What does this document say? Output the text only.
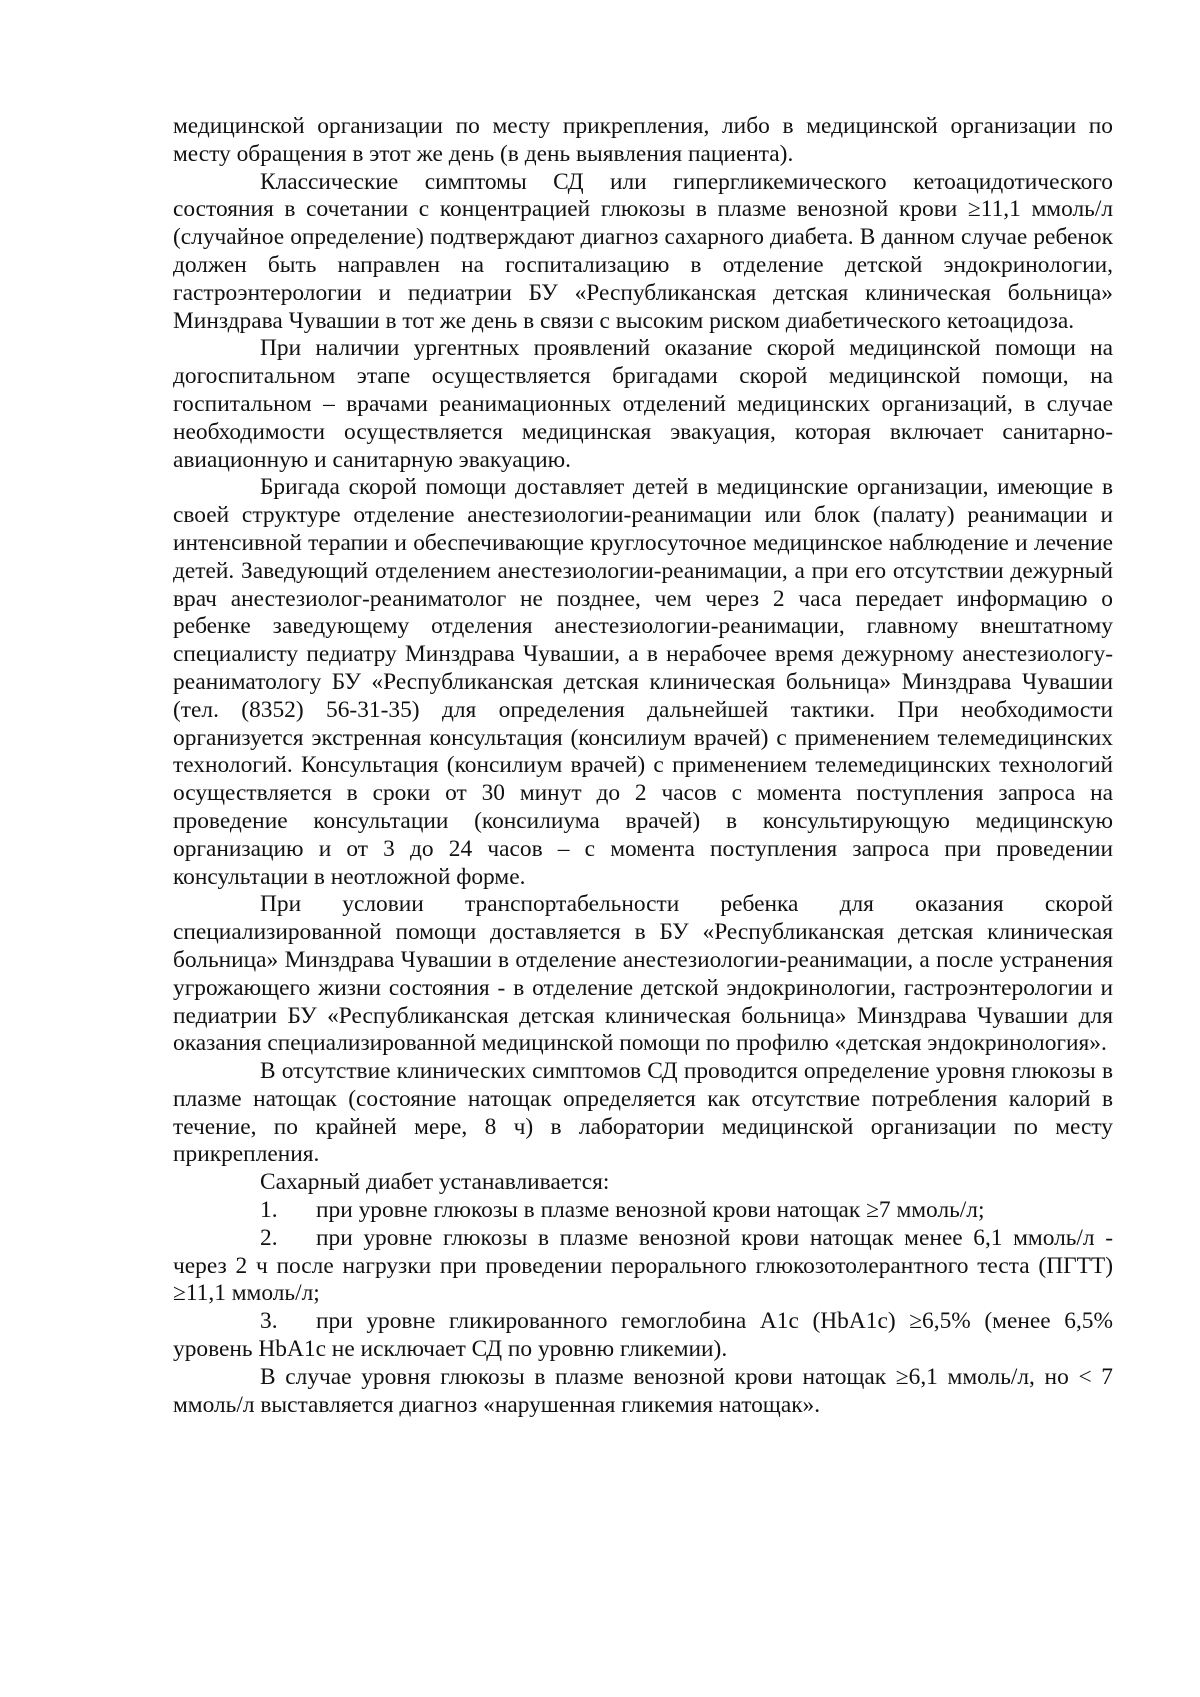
медицинской организации по месту прикрепления, либо в медицинской организации по месту обращения в этот же день (в день выявления пациента).

Классические симптомы СД или гипергликемического кетоацидотического состояния в сочетании с концентрацией глюкозы в плазме венозной крови ≥11,1 ммоль/л (случайное определение) подтверждают диагноз сахарного диабета. В данном случае ребенок должен быть направлен на госпитализацию в отделение детской эндокринологии, гастроэнтерологии и педиатрии БУ «Республиканская детская клиническая больница» Минздрава Чувашии в тот же день в связи с высоким риском диабетического кетоацидоза.

При наличии ургентных проявлений оказание скорой медицинской помощи на догоспитальном этапе осуществляется бригадами скорой медицинской помощи, на госпитальном – врачами реанимационных отделений медицинских организаций, в случае необходимости осуществляется медицинская эвакуация, которая включает санитарно-авиационную и санитарную эвакуацию.

Бригада скорой помощи доставляет детей в медицинские организации, имеющие в своей структуре отделение анестезиологии-реанимации или блок (палату) реанимации и интенсивной терапии и обеспечивающие круглосуточное медицинское наблюдение и лечение детей. Заведующий отделением анестезиологии-реанимации, а при его отсутствии дежурный врач анестезиолог-реаниматолог не позднее, чем через 2 часа передает информацию о ребенке заведующему отделения анестезиологии-реанимации, главному внештатному специалисту педиатру Минздрава Чувашии, а в нерабочее время дежурному анестезиологу-реаниматологу БУ «Республиканская детская клиническая больница» Минздрава Чувашии (тел. (8352) 56-31-35) для определения дальнейшей тактики. При необходимости организуется экстренная консультация (консилиум врачей) с применением телемедицинских технологий. Консультация (консилиум врачей) с применением телемедицинских технологий осуществляется в сроки от 30 минут до 2 часов с момента поступления запроса на проведение консультации (консилиума врачей) в консультирующую медицинскую организацию и от 3 до 24 часов – с момента поступления запроса при проведении консультации в неотложной форме.

При условии транспортабельности ребенка для оказания скорой специализированной помощи доставляется в БУ «Республиканская детская клиническая больница» Минздрава Чувашии в отделение анестезиологии-реанимации, а после устранения угрожающего жизни состояния - в отделение детской эндокринологии, гастроэнтерологии и педиатрии БУ «Республиканская детская клиническая больница» Минздрава Чувашии для оказания специализированной медицинской помощи по профилю «детская эндокринология».

В отсутствие клинических симптомов СД проводится определение уровня глюкозы в плазме натощак (состояние натощак определяется как отсутствие потребления калорий в течение, по крайней мере, 8 ч) в лаборатории медицинской организации по месту прикрепления.

Сахарный диабет устанавливается:

1. при уровне глюкозы в плазме венозной крови натощак ≥7 ммоль/л;

2. при уровне глюкозы в плазме венозной крови натощак менее 6,1 ммоль/л - через 2 ч после нагрузки при проведении перорального глюкозотолерантного теста (ПГТТ) ≥11,1 ммоль/л;

3. при уровне гликированного гемоглобина А1с (HbA1c) ≥6,5% (менее 6,5% уровень HbA1c не исключает СД по уровню гликемии).

В случае уровня глюкозы в плазме венозной крови натощак ≥6,1 ммоль/л, но < 7 ммоль/л выставляется диагноз «нарушенная гликемия натощак».
